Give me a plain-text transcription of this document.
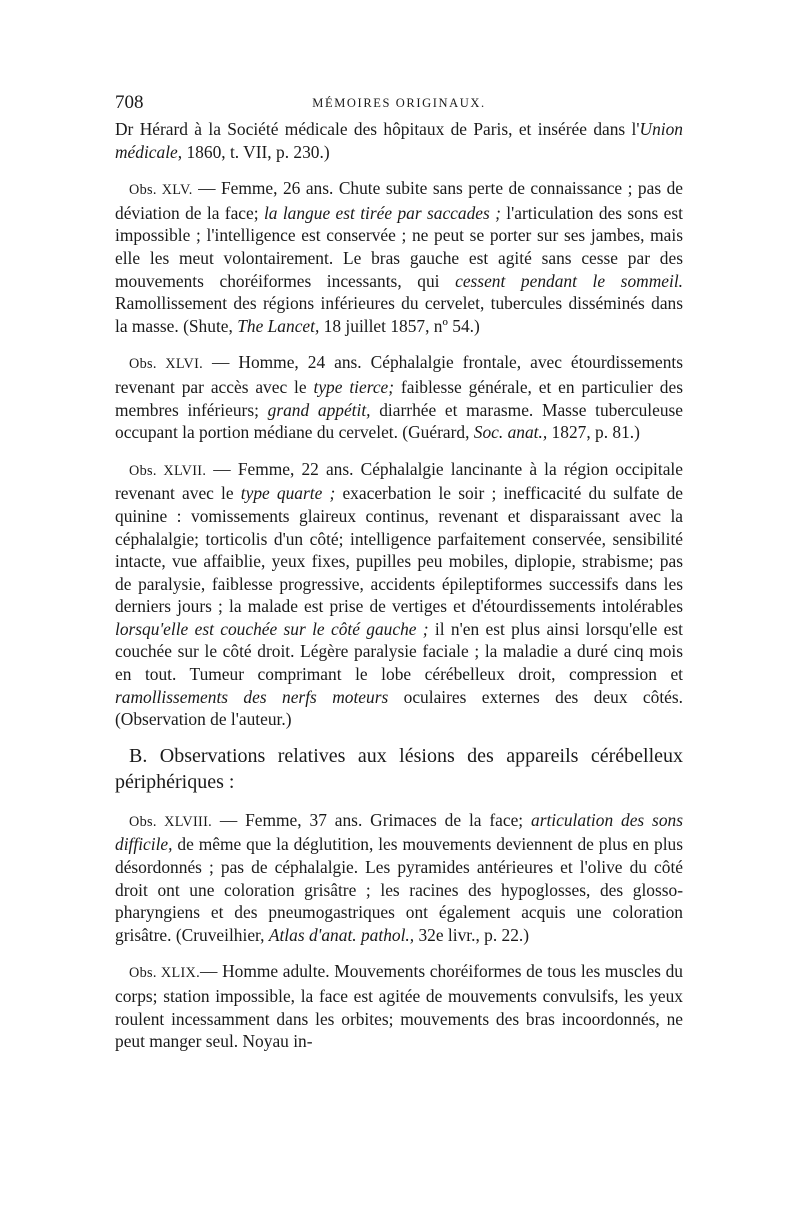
708	MÉMOIRES ORIGINAUX.

Dr Hérard à la Société médicale des hôpitaux de Paris, et insérée dans l'Union médicale, 1860, t. VII, p. 230.)

Obs. XLV. — Femme, 26 ans. Chute subite sans perte de connaissance ; pas de déviation de la face; la langue est tirée par saccades ; l'articulation des sons est impossible ; l'intelligence est conservée ; ne peut se porter sur ses jambes, mais elle les meut volontairement. Le bras gauche est agité sans cesse par des mouvements choréiformes incessants, qui cessent pendant le sommeil. Ramollissement des régions inférieures du cervelet, tubercules disséminés dans la masse. (Shute, The Lancet, 18 juillet 1857, nº 54.)

Obs. XLVI. — Homme, 24 ans. Céphalalgie frontale, avec étourdissements revenant par accès avec le type tierce; faiblesse générale, et en particulier des membres inférieurs; grand appétit, diarrhée et marasme. Masse tuberculeuse occupant la portion médiane du cervelet. (Guérard, Soc. anat., 1827, p. 81.)

Obs. XLVII. — Femme, 22 ans. Céphalalgie lancinante à la région occipitale revenant avec le type quarte ; exacerbation le soir ; inefficacité du sulfate de quinine : vomissements glaireux continus, revenant et disparaissant avec la céphalalgie; torticolis d'un côté; intelligence parfaitement conservée, sensibilité intacte, vue affaiblie, yeux fixes, pupilles peu mobiles, diplopie, strabisme; pas de paralysie, faiblesse progressive, accidents épileptiformes successifs dans les derniers jours ; la malade est prise de vertiges et d'étourdissements intolérables lorsqu'elle est couchée sur le côté gauche ; il n'en est plus ainsi lorsqu'elle est couchée sur le côté droit. Légère paralysie faciale ; la maladie a duré cinq mois en tout. Tumeur comprimant le lobe cérébelleux droit, compression et ramollissements des nerfs moteurs oculaires externes des deux côtés. (Observation de l'auteur.)

B. Observations relatives aux lésions des appareils cérébelleux périphériques :

Obs. XLVIII. — Femme, 37 ans. Grimaces de la face; articulation des sons difficile, de même que la déglutition, les mouvements deviennent de plus en plus désordonnés ; pas de céphalalgie. Les pyramides antérieures et l'olive du côté droit ont une coloration grisâtre ; les racines des hypoglosses, des glosso-pharyngiens et des pneumogastriques ont également acquis une coloration grisâtre. (Cruveilhier, Atlas d'anat. pathol., 32e livr., p. 22.)

Obs. XLIX.— Homme adulte. Mouvements choréiformes de tous les muscles du corps; station impossible, la face est agitée de mouvements convulsifs, les yeux roulent incessamment dans les orbites; mouvements des bras incoordonnés, ne peut manger seul. Noyau in-
